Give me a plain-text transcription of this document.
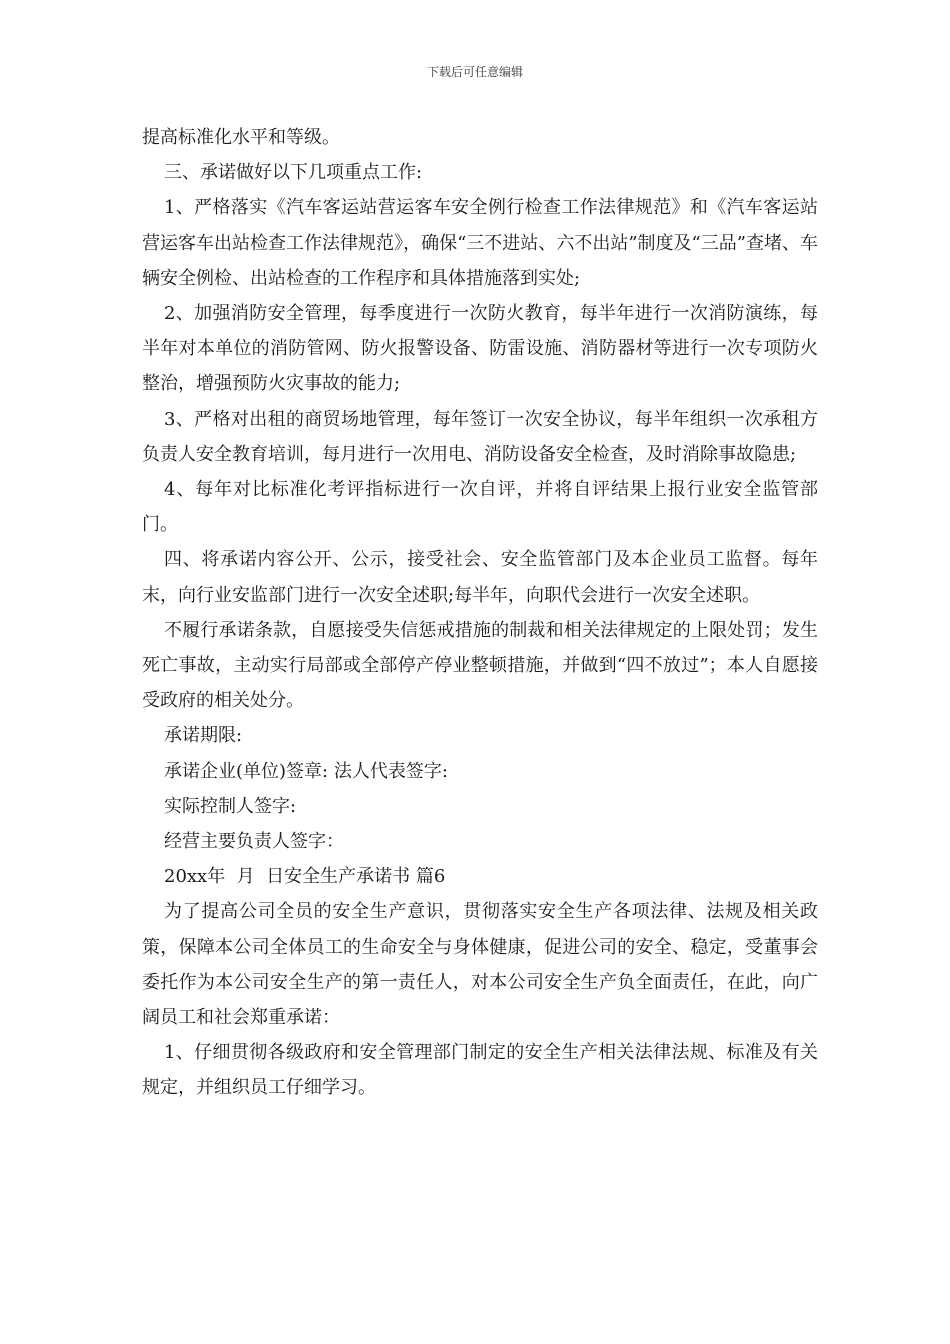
下载后可任意编辑

提高标准化水平和等级。

三、承诺做好以下几项重点工作:

1、严格落实《汽车客运站营运客车安全例行检查工作法律规范》和《汽车客运站营运客车出站检查工作法律规范》，确保“三不进站、六不出站”制度及“三品”查堵、车辆安全例检、出站检查的工作程序和具体措施落到实处;

2、加强消防安全管理，每季度进行一次防火教育，每半年进行一次消防演练，每半年对本单位的消防管网、防火报警设备、防雷设施、消防器材等进行一次专项防火整治，增强预防火灾事故的能力;

3、严格对出租的商贸场地管理，每年签订一次安全协议，每半年组织一次承租方负责人安全教育培训，每月进行一次用电、消防设备安全检查，及时消除事故隐患;

4、每年对比标准化考评指标进行一次自评，并将自评结果上报行业安全监管部门。

四、将承诺内容公开、公示，接受社会、安全监管部门及本企业员工监督。每年末，向行业安监部门进行一次安全述职;每半年，向职代会进行一次安全述职。

不履行承诺条款，自愿接受失信惩戒措施的制裁和相关法律规定的上限处罚；发生死亡事故，主动实行局部或全部停产停业整顿措施，并做到“四不放过”；本人自愿接受政府的相关处分。

承诺期限:

承诺企业(单位)签章: 法人代表签字:

实际控制人签字:

经营主要负责人签字：

20xx年  月  日安全生产承诺书 篇6

为了提高公司全员的安全生产意识，贯彻落实安全生产各项法律、法规及相关政策，保障本公司全体员工的生命安全与身体健康，促进公司的安全、稳定，受董事会委托作为本公司安全生产的第一责任人，对本公司安全生产负全面责任，在此，向广阔员工和社会郑重承诺：

1、仔细贯彻各级政府和安全管理部门制定的安全生产相关法律法规、标准及有关规定，并组织员工仔细学习。
